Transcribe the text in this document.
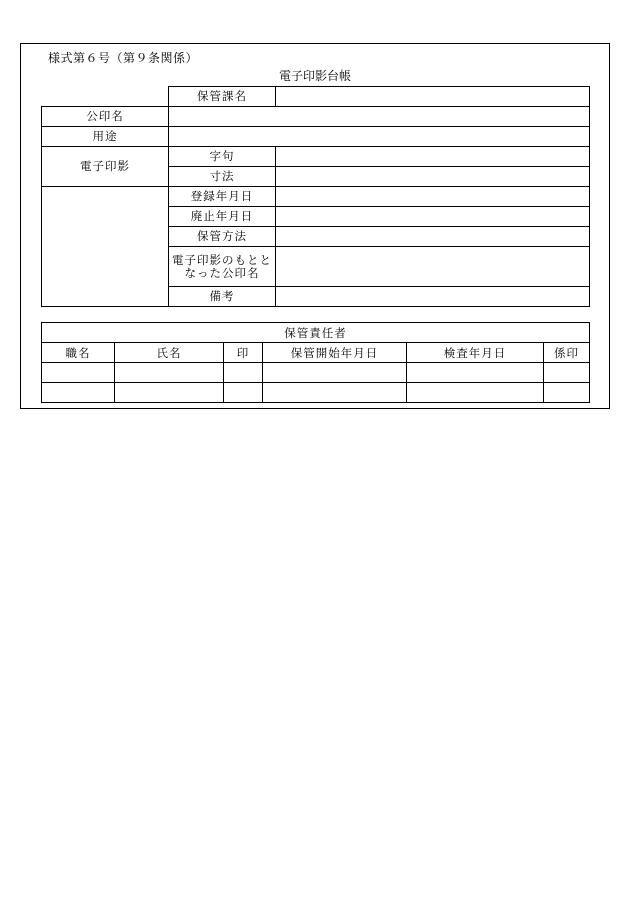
様式第６号（第９条関係）
電子印影台帳
	保管課名	
公印名		
用途		
電子印影	字句	
	寸法	
	登録年月日	
	廃止年月日	
	保管方法	
	電子印影のもとと
なった公印名	

	備考	
保管責任者					
職名	氏名	印	保管開始年月日	検査年月日	係印
